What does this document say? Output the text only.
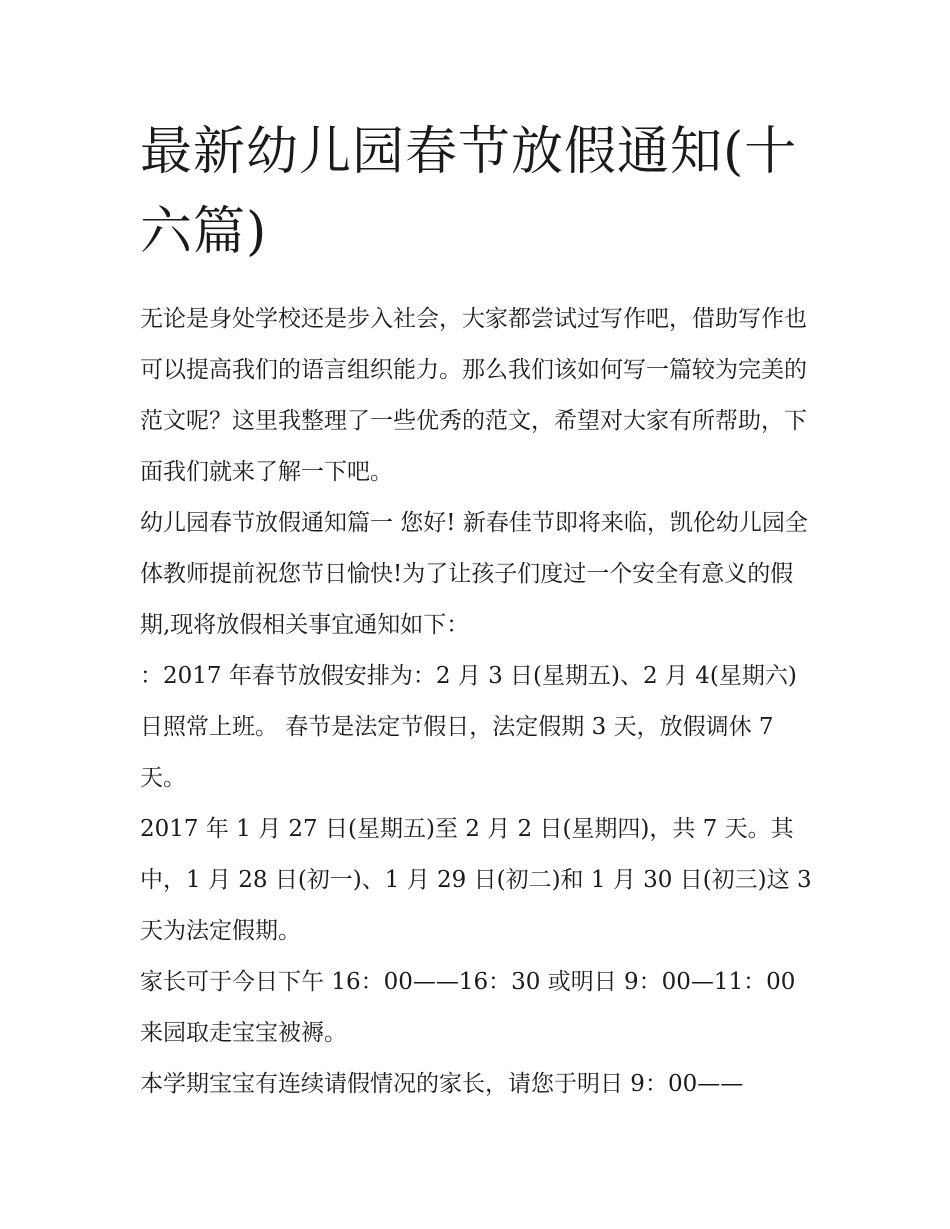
最新幼儿园春节放假通知(十六篇)

无论是身处学校还是步入社会，大家都尝试过写作吧，借助写作也可以提高我们的语言组织能力。那么我们该如何写一篇较为完美的范文呢？这里我整理了一些优秀的范文，希望对大家有所帮助，下面我们就来了解一下吧。

幼儿园春节放假通知篇一 您好! 新春佳节即将来临，凯伦幼儿园全体教师提前祝您节日愉快!为了让孩子们度过一个安全有意义的假期,现将放假相关事宜通知如下：

：2017 年春节放假安排为：2 月 3 日(星期五)、2 月 4(星期六)日照常上班。 春节是法定节假日，法定假期 3 天，放假调休 7 天。

2017 年 1 月 27 日(星期五)至 2 月 2 日(星期四)，共 7 天。其中，1 月 28 日(初一)、1 月 29 日(初二)和 1 月 30 日(初三)这 3 天为法定假期。

家长可于今日下午 16：00——16：30 或明日 9：00—11：00 来园取走宝宝被褥。

本学期宝宝有连续请假情况的家长，请您于明日 9：00——
